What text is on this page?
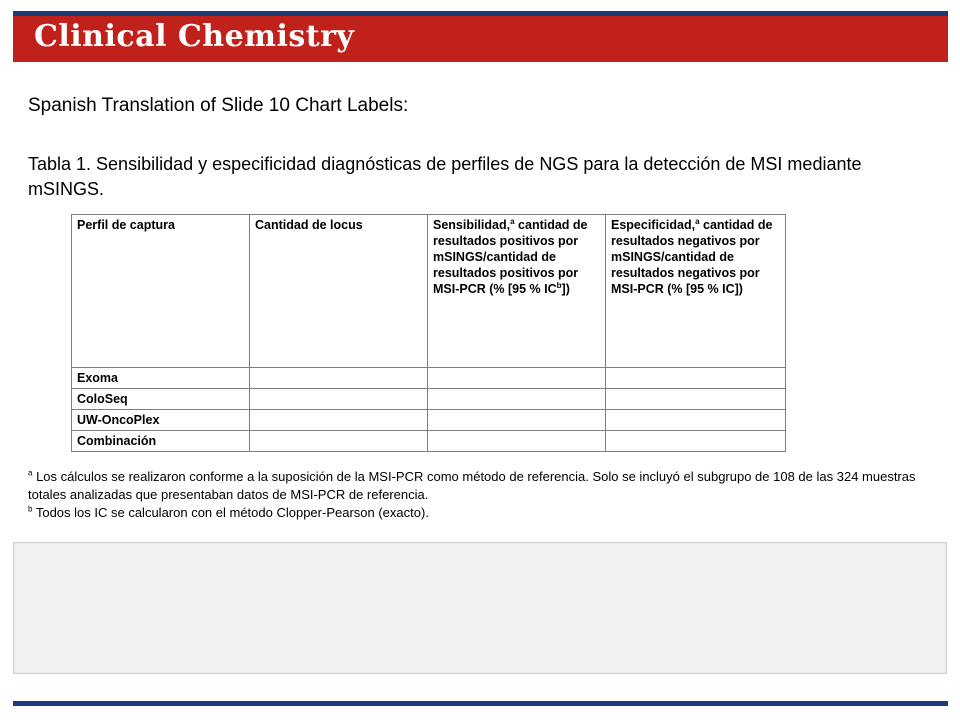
Clinical Chemistry
Spanish Translation of Slide 10 Chart Labels:

Tabla 1. Sensibilidad y especificidad diagnósticas de perfiles de NGS para la detección de MSI mediante mSINGS.

Perfil de captura	Cantidad de locus	Sensibilidad,$^a$ cantidad de resultados positivos por mSINGS/cantidad de resultados positivos por MSI-PCR (% [95 % $IC^b$])	Especificidad,$^a$ cantidad de resultados negativos por mSINGS/cantidad de resultados negativos por MSI-PCR (% [95 % IC])
Exoma			
ColoSeq			
UW-OncoPlex			
Combinación			

$^a$ Los cálculos se realizaron conforme a la suposición de la MSI-PCR como método de referencia. Solo se incluyó el subgrupo de 108 de las 324 muestras totales analizadas que presentaban datos de MSI-PCR de referencia.

$^b$ Todos los IC se calcularon con el método Clopper-Pearson (exacto).
